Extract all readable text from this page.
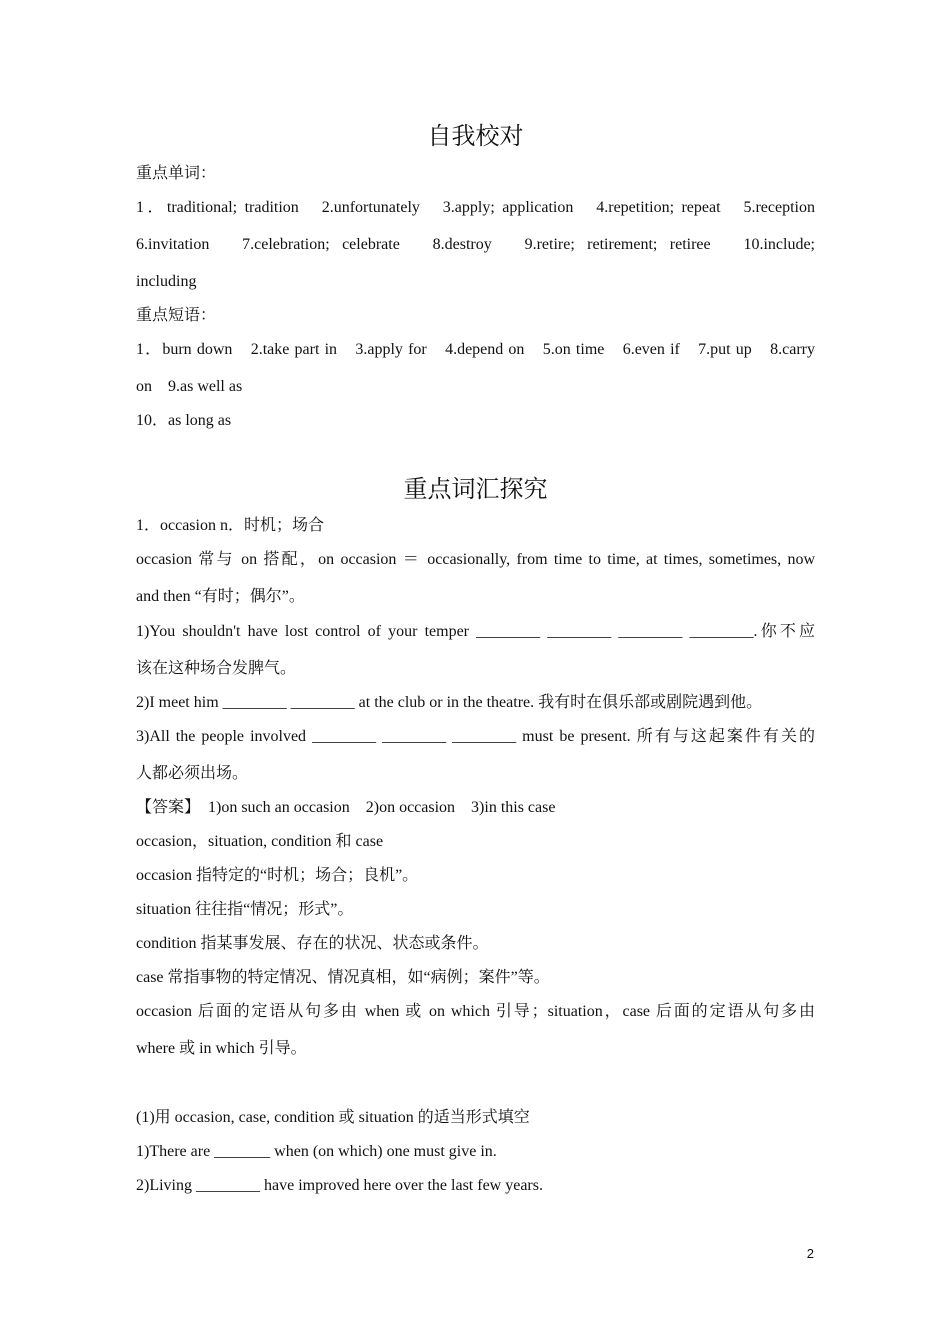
自我校对
重点单词：
1．traditional; tradition　2.unfortunately　3.apply; application　4.repetition; repeat　5.reception
6.invitation　7.celebration; celebrate　8.destroy　9.retire; retirement; retiree　10.include;
including
重点短语：
1．burn down　2.take part in　3.apply for　4.depend on　5.on time　6.even if　7.put up　8.carry
on　9.as well as
10．as long as
重点词汇探究
1．occasion n．时机；场合
occasion 常与 on 搭配，on occasion ＝ occasionally, from time to time, at times, sometimes, now
and then “有时；偶尔”。
1)You shouldn't have lost control of your temper ________ ________ ________ ________.你不应
该在这种场合发脾气。
2)I meet him ________ ________ at the club or in the theatre. 我有时在俱乐部或剧院遇到他。
3)All the people involved ________ ________ ________ must be present. 所有与这起案件有关的
人都必须出场。
【答案】　1)on such an occasion　2)on occasion　3)in this case
occasion，situation, condition 和 case
occasion 指特定的“时机；场合；良机”。
situation 往往指“情况；形式”。
condition 指某事发展、存在的状况、状态或条件。
case 常指事物的特定情况、情况真相，如“病例；案件”等。
occasion 后面的定语从句多由 when 或 on which 引导；situation，case 后面的定语从句多由
where 或 in which 引导。
(1)用 occasion, case, condition 或 situation 的适当形式填空
1)There are _______ when (on which) one must give in.
2)Living ________ have improved here over the last few years.
2
